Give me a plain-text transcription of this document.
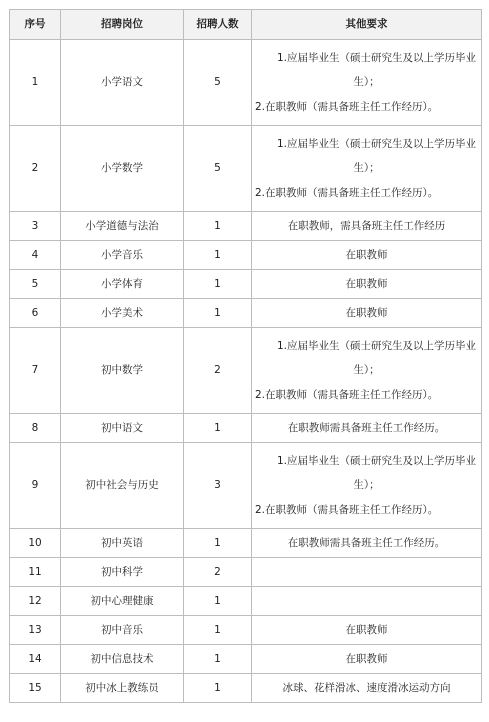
序号	招聘岗位	招聘人数	其他要求
1	小学语文	5	1.应届毕业生（硕士研究生及以上学历毕业
生）；
2.在职教师（需具备班主任工作经历）。

2	小学数学	5	1.应届毕业生（硕士研究生及以上学历毕业
生）；
2.在职教师（需具备班主任工作经历）。

3	小学道德与法治	1	在职教师，需具备班主任工作经历

4	小学音乐	1	在职教师

5	小学体育	1	在职教师

6	小学美术	1	在职教师

7	初中数学	2	1.应届毕业生（硕士研究生及以上学历毕业
生）；
2.在职教师（需具备班主任工作经历）。

8	初中语文	1	在职教师需具备班主任工作经历。

9	初中社会与历史	3	1.应届毕业生（硕士研究生及以上学历毕业
生）；
2.在职教师（需具备班主任工作经历）。

10	初中英语	1	在职教师需具备班主任工作经历。

11	初中科学	2	

12	初中心理健康	1	

13	初中音乐	1	在职教师

14	初中信息技术	1	在职教师

15	初中冰上教练员	1	冰球、花样滑冰、速度滑冰运动方向
